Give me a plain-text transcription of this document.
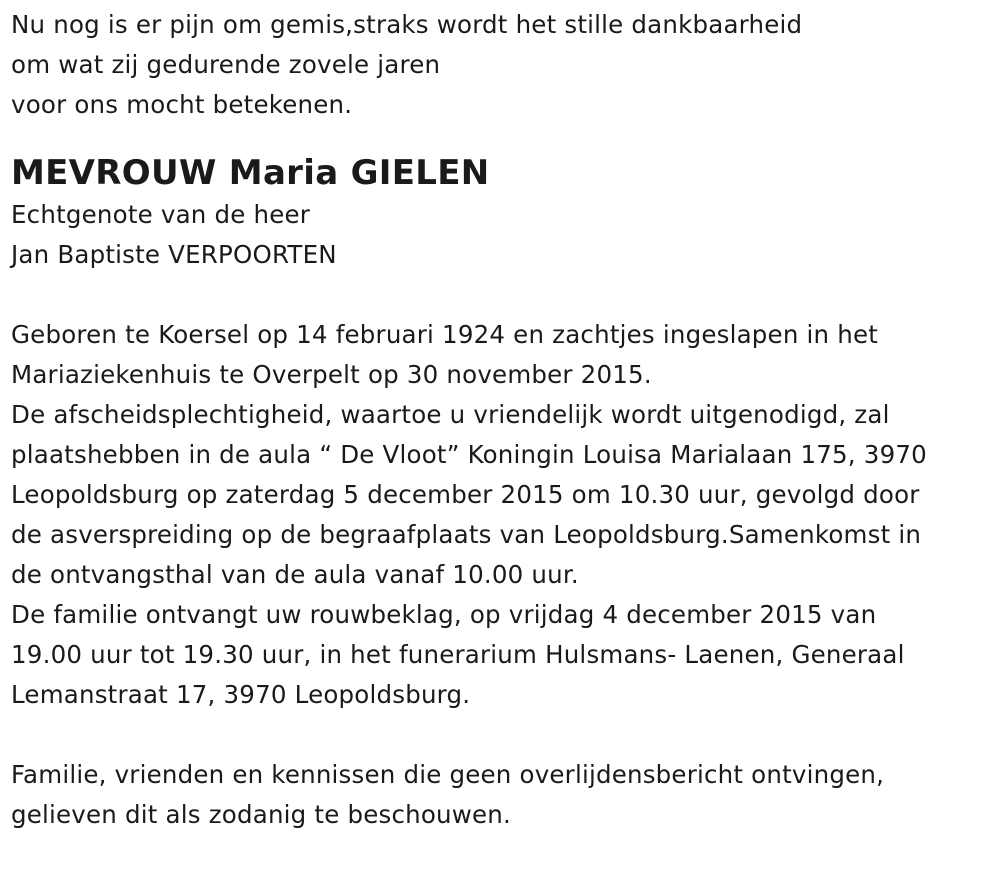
Nu nog is er pijn om gemis,straks wordt het stille dankbaarheid
om wat zij gedurende zovele jaren
voor ons mocht betekenen.
MEVROUW Maria GIELEN
Echtgenote van de heer
Jan Baptiste VERPOORTEN
Geboren te Koersel op 14 februari 1924 en zachtjes ingeslapen in het
Mariaziekenhuis te Overpelt op 30 november 2015.
De afscheidsplechtigheid, waartoe u vriendelijk wordt uitgenodigd, zal
plaatshebben in de aula “ De Vloot” Koningin Louisa Marialaan 175, 3970
Leopoldsburg op zaterdag 5 december 2015 om 10.30 uur, gevolgd door
de asverspreiding op de begraafplaats van Leopoldsburg.Samenkomst in
de ontvangsthal van de aula vanaf 10.00 uur.
De familie ontvangt uw rouwbeklag, op vrijdag 4 december 2015 van
19.00 uur tot 19.30 uur, in het funerarium Hulsmans- Laenen, Generaal
Lemanstraat 17, 3970 Leopoldsburg.
Familie, vrienden en kennissen die geen overlijdensbericht ontvingen,
gelieven dit als zodanig te beschouwen.
